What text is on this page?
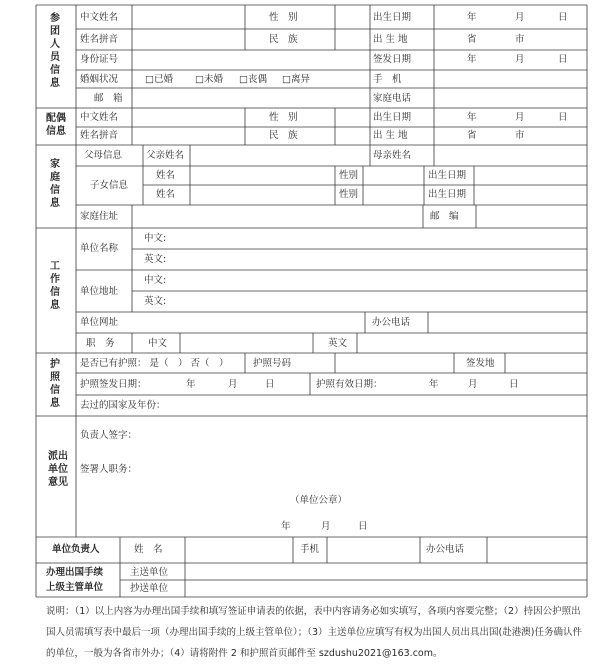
参团人员信息
中文姓名	性　别	出生日期	年	月	日
姓名拼音	民　族	出 生 地	省	市
身份证号	签发日期	年	月	日
婚姻状况	□已婚 □未婚 □丧偶 □离异	手　机
邮　箱	家庭电话
配偶信息
中文姓名	性　别	出生日期	年	月	日
姓名拼音	民　族	出 生 地	省	市
家庭信息
父母信息	父亲姓名	母亲姓名
子女信息
姓名	性别	出生日期
姓名	性别	出生日期
家庭住址	邮　编
工作信息
单位名称
中文:
英文:
单位地址
中文:
英文:
单位网址	办公电话
职　务	中文	英文
护照信息
是否已有护照： 是（　） 否（　）	护照号码	签发地
护照签发日期：	年	月	日	护照有效日期：	年	月	日
去过的国家及年份：
派出单位意见
负责人签字：
签署人职务：
（单位公章）
年	月	日
单位负责人	姓　名	手机	办公电话
办理出国手续
上级主管单位
主送单位
抄送单位
说明：（1）以上内容为办理出国手续和填写签证申请表的依据，表中内容请务必如实填写，各项内容要完整；（2）持因公护照出国人员需填写表中最后一项（办理出国手续的上级主管单位）；（3）主送单位应填写有权为出国人员出具出国(赴港澳)任务确认件的单位，一般为各省市外办；（4）请将附件 2 和护照首页邮件至 szdushu2021@163.com。
